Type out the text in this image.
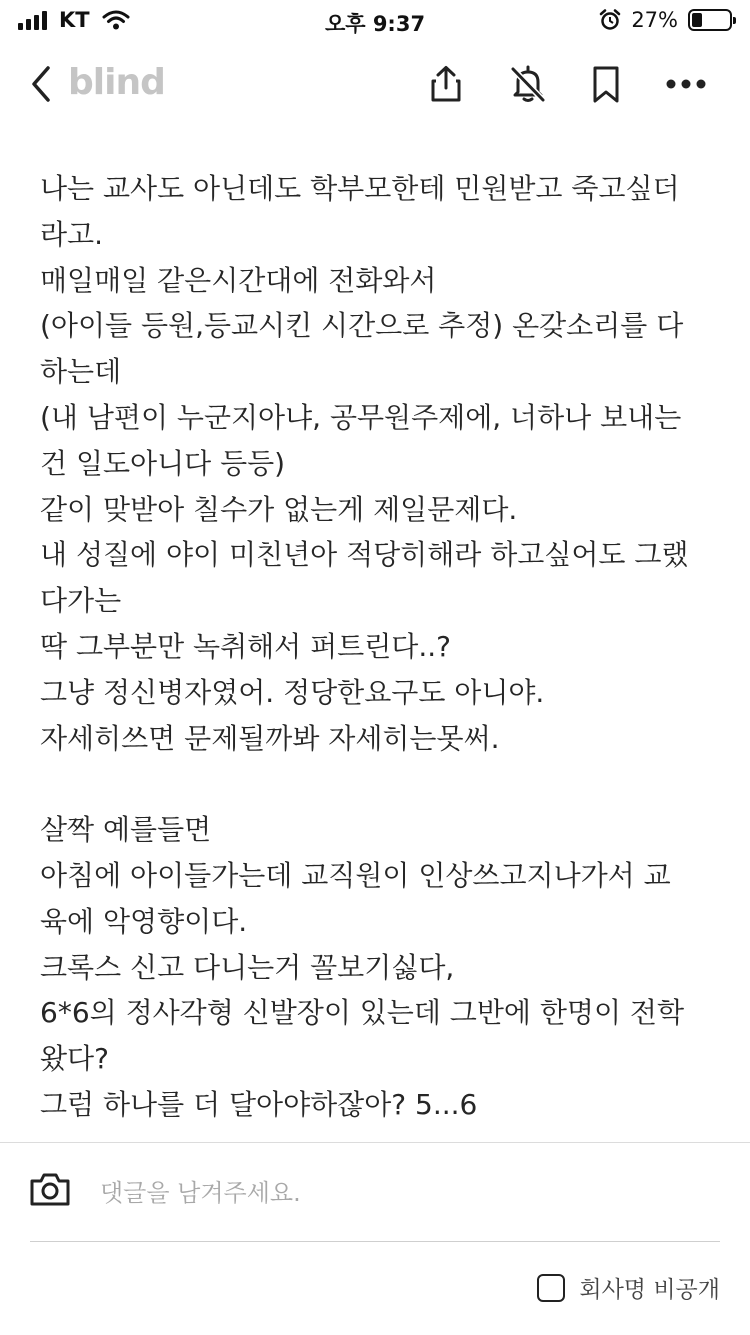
KT	오후 9:37	27%
blind
나는 교사도 아닌데도 학부모한테 민원받고 죽고싶더
라고.
매일매일 같은시간대에 전화와서
(아이들 등원,등교시킨 시간으로 추정) 온갖소리를 다
하는데
(내 남편이 누군지아냐, 공무원주제에, 너하나 보내는
건 일도아니다 등등)
같이 맞받아 칠수가 없는게 제일문제다.
내 성질에 야이 미친년아 적당히해라 하고싶어도 그랬
다가는
딱 그부분만 녹취해서 퍼트린다..?
그냥 정신병자였어. 정당한요구도 아니야.
자세히쓰면 문제될까봐 자세히는못써.
살짝 예를들면
아침에 아이들가는데 교직원이 인상쓰고지나가서 교
육에 악영향이다.
크록스 신고 다니는거 꼴보기싫다,
6*6의 정사각형 신발장이 있는데 그반에 한명이 전학
왔다?
그럼 하나를 더 달아야하잖아? 5...6
댓글을 남겨주세요.
회사명 비공개
